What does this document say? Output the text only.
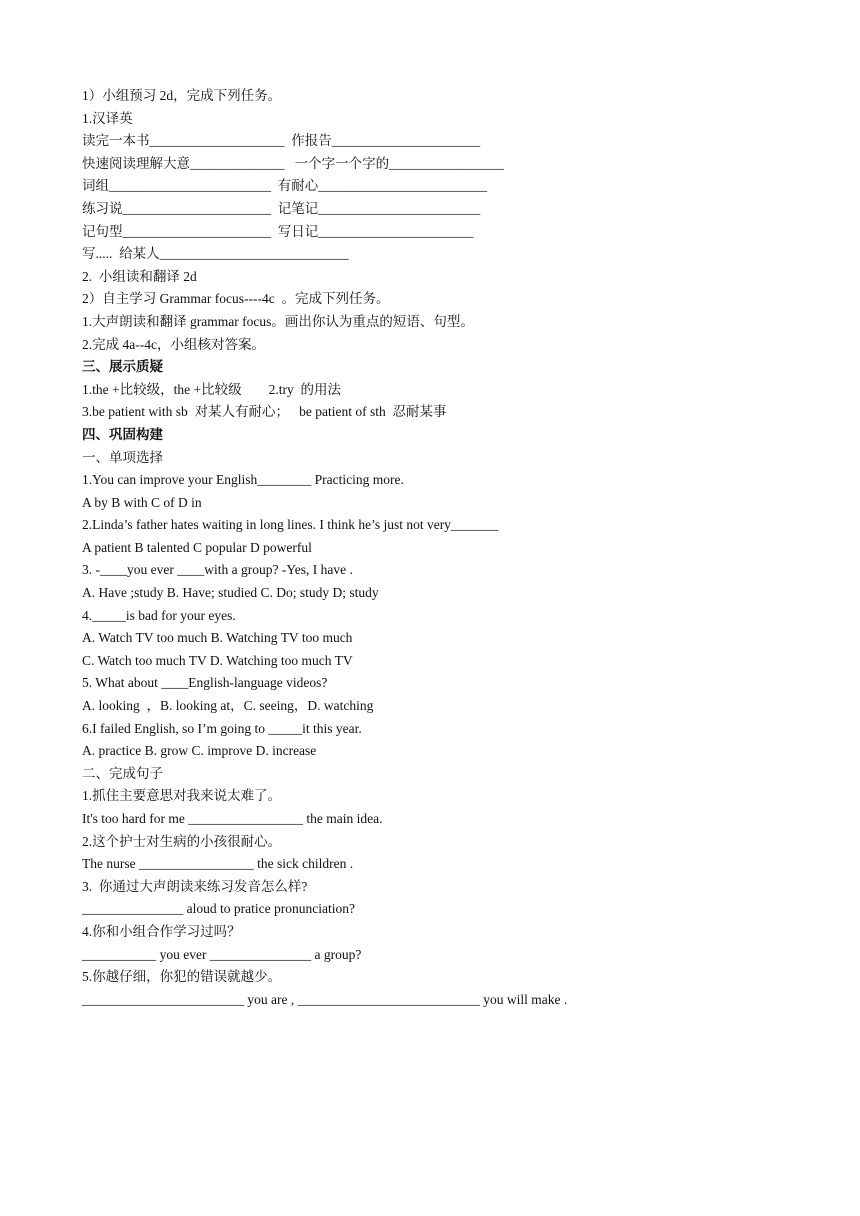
1）小组预习 2d，完成下列任务。
1.汉译英
读完一本书____________________  作报告______________________
快速阅读理解大意______________   一个字一个字的_________________
词组________________________  有耐心_________________________
练习说______________________  记笔记________________________
记句型______________________  写日记_______________________
写.....  给某人____________________________
2.  小组读和翻译 2d
2）自主学习 Grammar focus----4c  。完成下列任务。
1.大声朗读和翻译 grammar focus。画出你认为重点的短语、句型。
2.完成 4a--4c，小组核对答案。
三、展示质疑
1.the +比较级，the +比较级        2.try  的用法
3.be patient with sb  对某人有耐心；   be patient of sth  忍耐某事
四、巩固构建
一、单项选择
1.You can improve your English________ Practicing more.
A by B with C of D in
2.Linda’s father hates waiting in long lines. I think he’s just not very_______
A patient B talented C popular D powerful
3. -____you ever ____with a group? -Yes, I have .
A. Have ;study B. Have; studied C. Do; study D; study
4._____is bad for your eyes.
A. Watch TV too much B. Watching TV too much
C. Watch too much TV D. Watching too much TV
5. What about ____English-language videos?
A. looking  ，B. looking at，C. seeing，D. watching
6.I failed English, so I’m going to _____it this year.
A. practice B. grow C. improve D. increase
二、完成句子
1.抓住主要意思对我来说太难了。
It's too hard for me _________________ the main idea.
2.这个护士对生病的小孩很耐心。
The nurse _________________ the sick children .
3.  你通过大声朗读来练习发音怎么样?
_______________ aloud to pratice pronunciation?
4.你和小组合作学习过吗？
___________ you ever _______________ a group?
5.你越仔细，你犯的错误就越少。
________________________ you are , ___________________________ you will make .
